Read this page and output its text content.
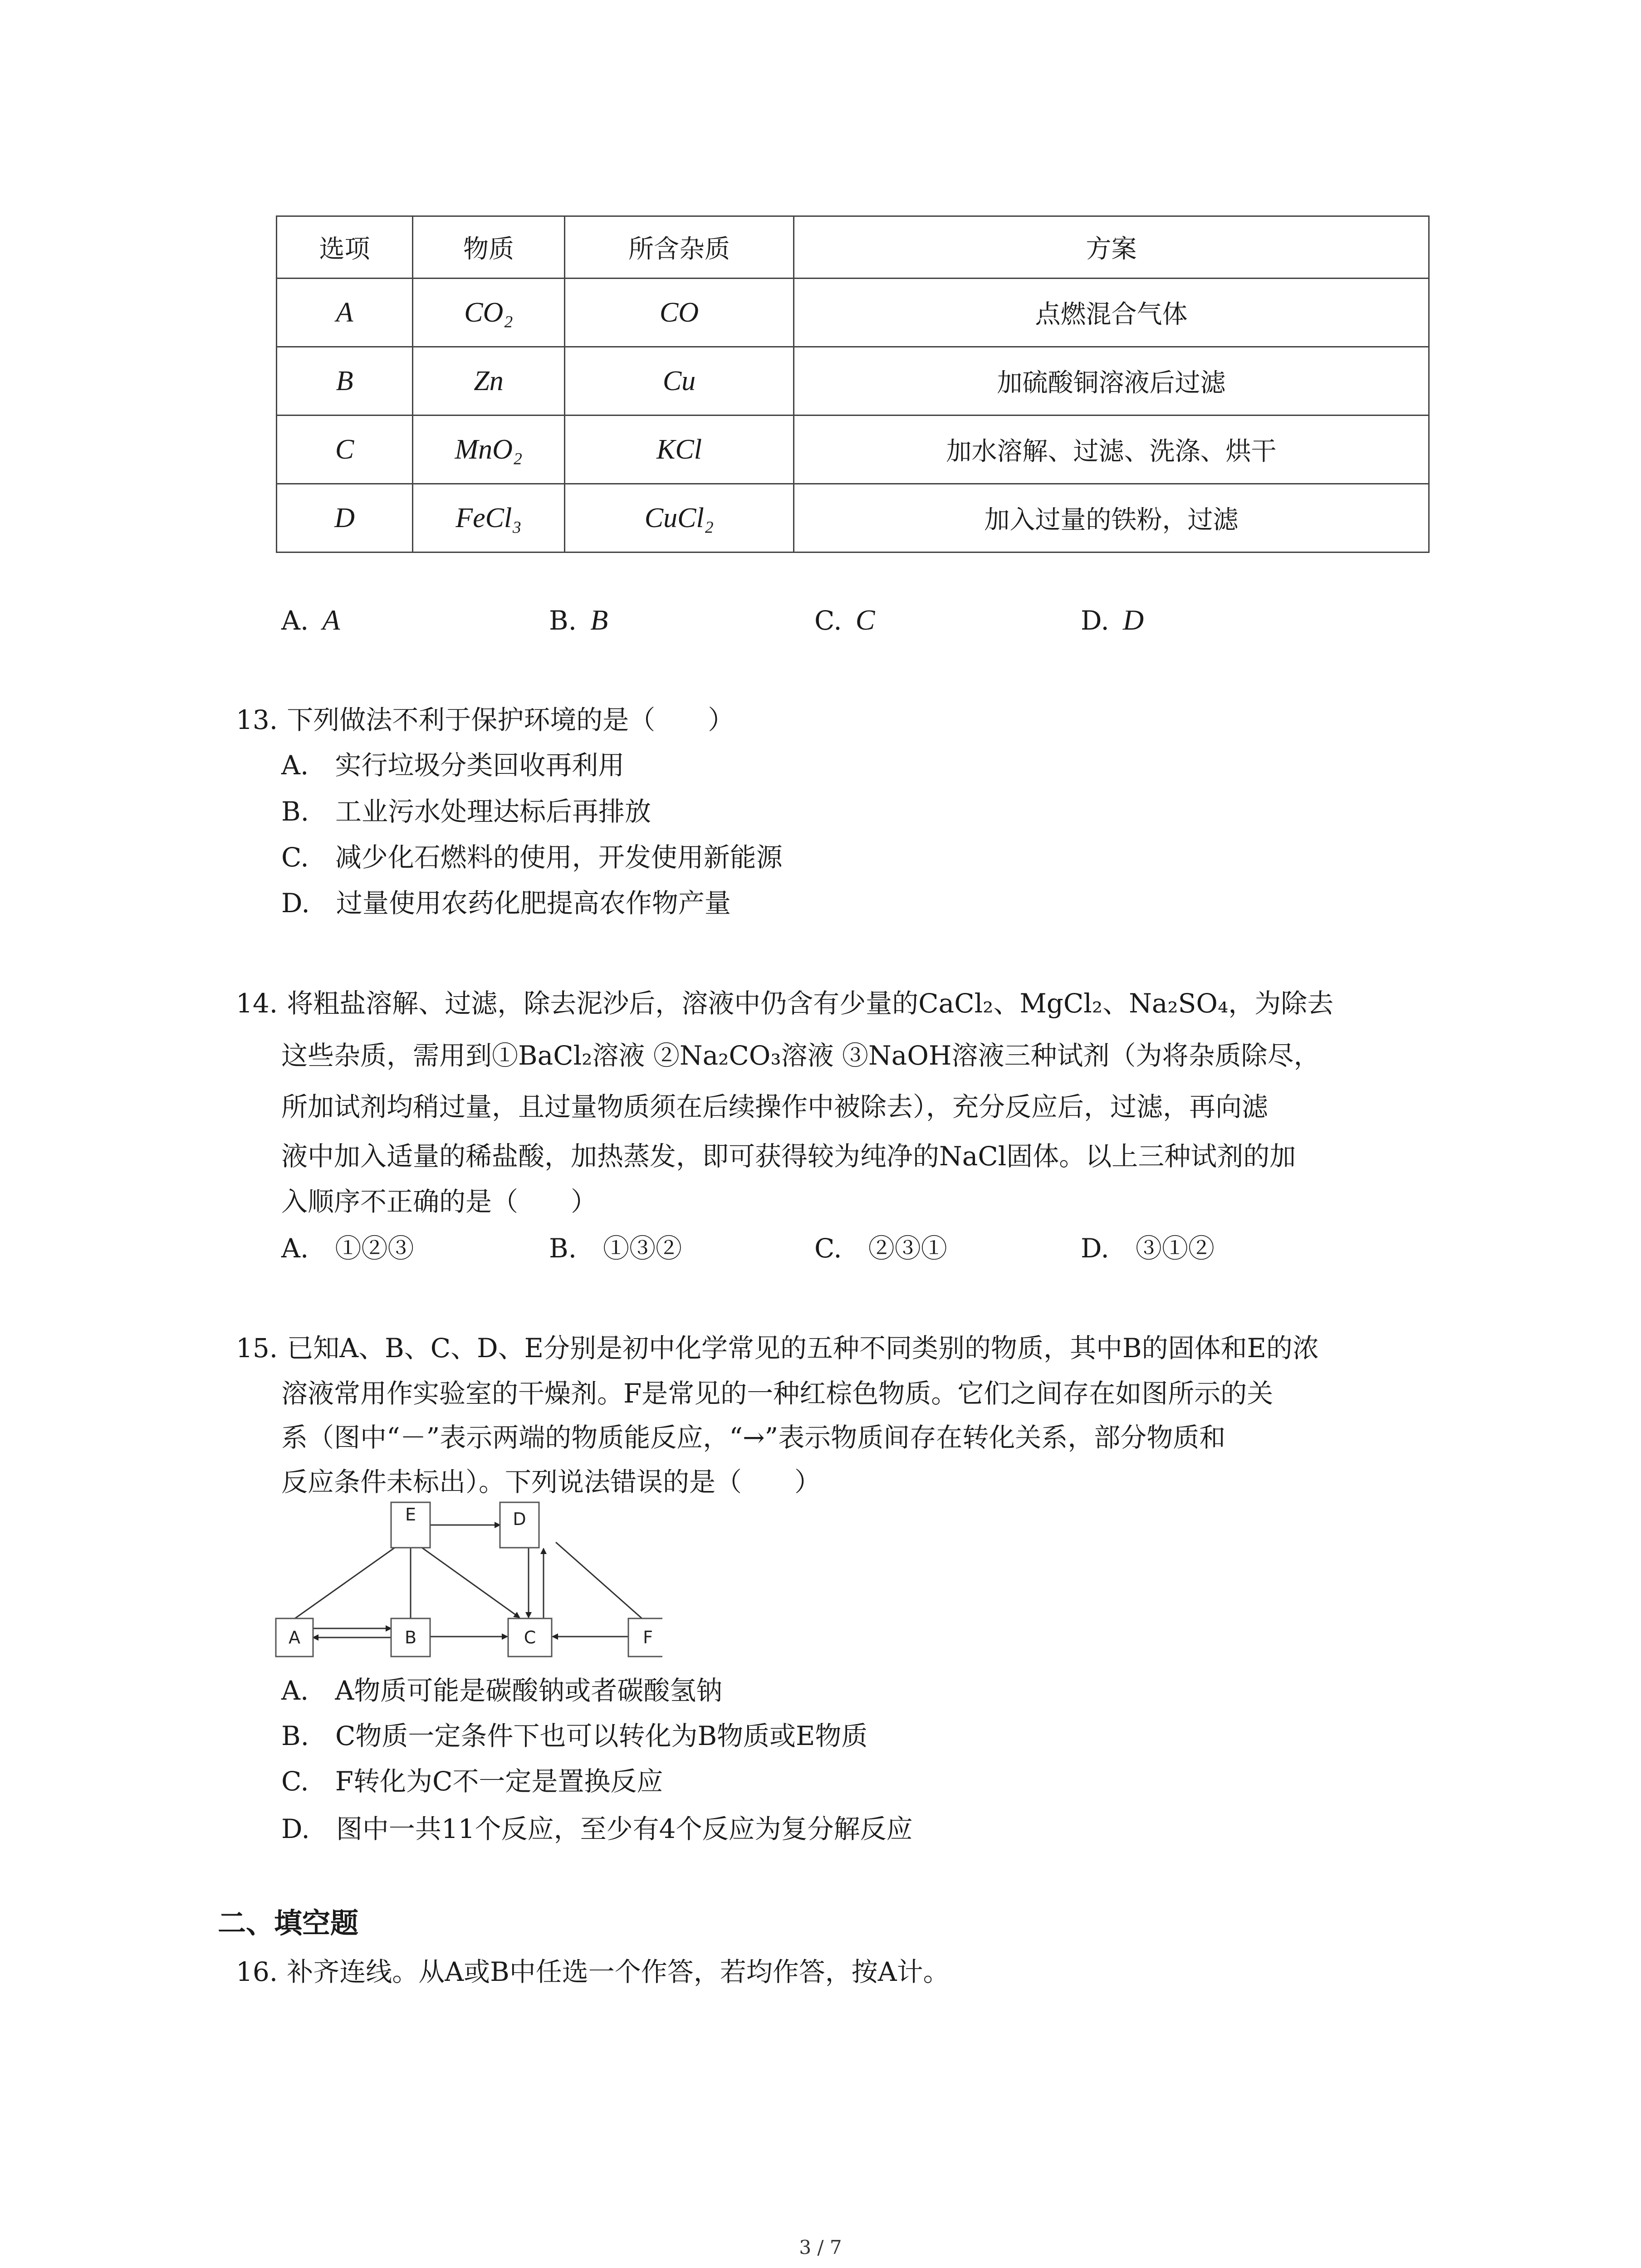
选项	物质	所含杂质	方案
A	CO₂	CO	点燃混合气体
B	Zn	Cu	加硫酸铜溶液后过滤
C	MnO₂	KCl	加水溶解、过滤、洗涤、烘干
D	FeCl₃	CuCl₂	加入过量的铁粉，过滤
A. A	B. B	C. C	D. D
13. 下列做法不利于保护环境的是（　　）
A.　实行垃圾分类回收再利用
B.　工业污水处理达标后再排放
C.　减少化石燃料的使用，开发使用新能源
D.　过量使用农药化肥提高农作物产量
14. 将粗盐溶解、过滤，除去泥沙后，溶液中仍含有少量的CaCl₂、MgCl₂、Na₂SO₄，为除去
这些杂质，需用到①BaCl₂溶液 ②Na₂CO₃溶液 ③NaOH溶液三种试剂（为将杂质除尽，
所加试剂均稍过量，且过量物质须在后续操作中被除去），充分反应后，过滤，再向滤
液中加入适量的稀盐酸，加热蒸发，即可获得较为纯净的NaCl固体。以上三种试剂的加
入顺序不正确的是（　　）
A.　①②③	B.　①③②	C.　②③①	D.　③①②
15. 已知A、B、C、D、E分别是初中化学常见的五种不同类别的物质，其中B的固体和E的浓
溶液常用作实验室的干燥剂。F是常见的一种红棕色物质。它们之间存在如图所示的关
系（图中“－”表示两端的物质能反应，“→”表示物质间存在转化关系，部分物质和
反应条件未标出）。下列说法错误的是（　　）
E	D
A	B	C	F
A.　A物质可能是碳酸钠或者碳酸氢钠
B.　C物质一定条件下也可以转化为B物质或E物质
C.　F转化为C不一定是置换反应
D.　图中一共11个反应，至少有4个反应为复分解反应
二、填空题
16. 补齐连线。从A或B中任选一个作答，若均作答，按A计。
3 / 7
